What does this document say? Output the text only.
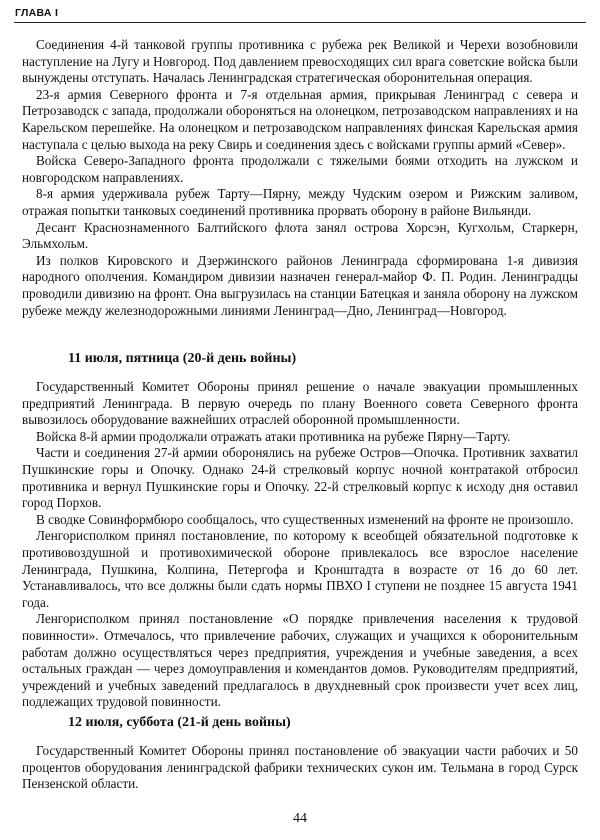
ГЛАВА I

Соединения 4-й танковой группы противника с рубежа рек Великой и Черехи возобновили наступление на Лугу и Новгород. Под давлением превосходящих сил врага советские войска были вынуждены отступать. Началась Ленинградская стратегическая оборонительная операция.

23-я армия Северного фронта и 7-я отдельная армия, прикрывая Ленинград с севера и Петрозаводск с запада, продолжали обороняться на олонецком, петрозаводском направлениях и на Карельском перешейке. На олонецком и петрозаводском направлениях финская Карельская армия наступала с целью выхода на реку Свирь и соединения здесь с войсками группы армий «Север».

Войска Северо-Западного фронта продолжали с тяжелыми боями отходить на лужском и новгородском направлениях.

8-я армия удерживала рубеж Тарту—Пярну, между Чудским озером и Рижским заливом, отражая попытки танковых соединений противника прорвать оборону в районе Вильянди.

Десант Краснознаменного Балтийского флота занял острова Хорсэн, Кугхольм, Старкерн, Эльмхольм.

Из полков Кировского и Дзержинского районов Ленинграда сформирована 1-я дивизия народного ополчения. Командиром дивизии назначен генерал-майор Ф. П. Родин. Ленинградцы проводили дивизию на фронт. Она выгрузилась на станции Батецкая и заняла оборону на лужском рубеже между железнодорожными линиями Ленинград—Дно, Ленинград—Новгород.

11 июля, пятница (20-й день войны)

Государственный Комитет Обороны принял решение о начале эвакуации промышленных предприятий Ленинграда. В первую очередь по плану Военного совета Северного фронта вывозилось оборудование важнейших отраслей оборонной промышленности.

Войска 8-й армии продолжали отражать атаки противника на рубеже Пярну—Тарту.

Части и соединения 27-й армии оборонялись на рубеже Остров—Опочка. Противник захватил Пушкинские горы и Опочку. Однако 24-й стрелковый корпус ночной контратакой отбросил противника и вернул Пушкинские горы и Опочку. 22-й стрелковый корпус к исходу дня оставил город Порхов.

В сводке Совинформбюро сообщалось, что существенных изменений на фронте не произошло.

Ленгорисполком принял постановление, по которому к всеобщей обязательной подготовке к противовоздушной и противохимической обороне привлекалось все взрослое население Ленинграда, Пушкина, Колпина, Петергофа и Кронштадта в возрасте от 16 до 60 лет. Устанавливалось, что все должны были сдать нормы ПВХО I ступени не позднее 15 августа 1941 года.

Ленгорисполком принял постановление «О порядке привлечения населения к трудовой повинности». Отмечалось, что привлечение рабочих, служащих и учащихся к оборонительным работам должно осуществляться через предприятия, учреждения и учебные заведения, а всех остальных граждан — через домоуправления и комендантов домов. Руководителям предприятий, учреждений и учебных заведений предлагалось в двухдневный срок произвести учет всех лиц, подлежащих трудовой повинности.

12 июля, суббота (21-й день войны)

Государственный Комитет Обороны принял постановление об эвакуации части рабочих и 50 процентов оборудования ленинградской фабрики технических сукон им. Тельмана в город Сурск Пензенской области.

44
